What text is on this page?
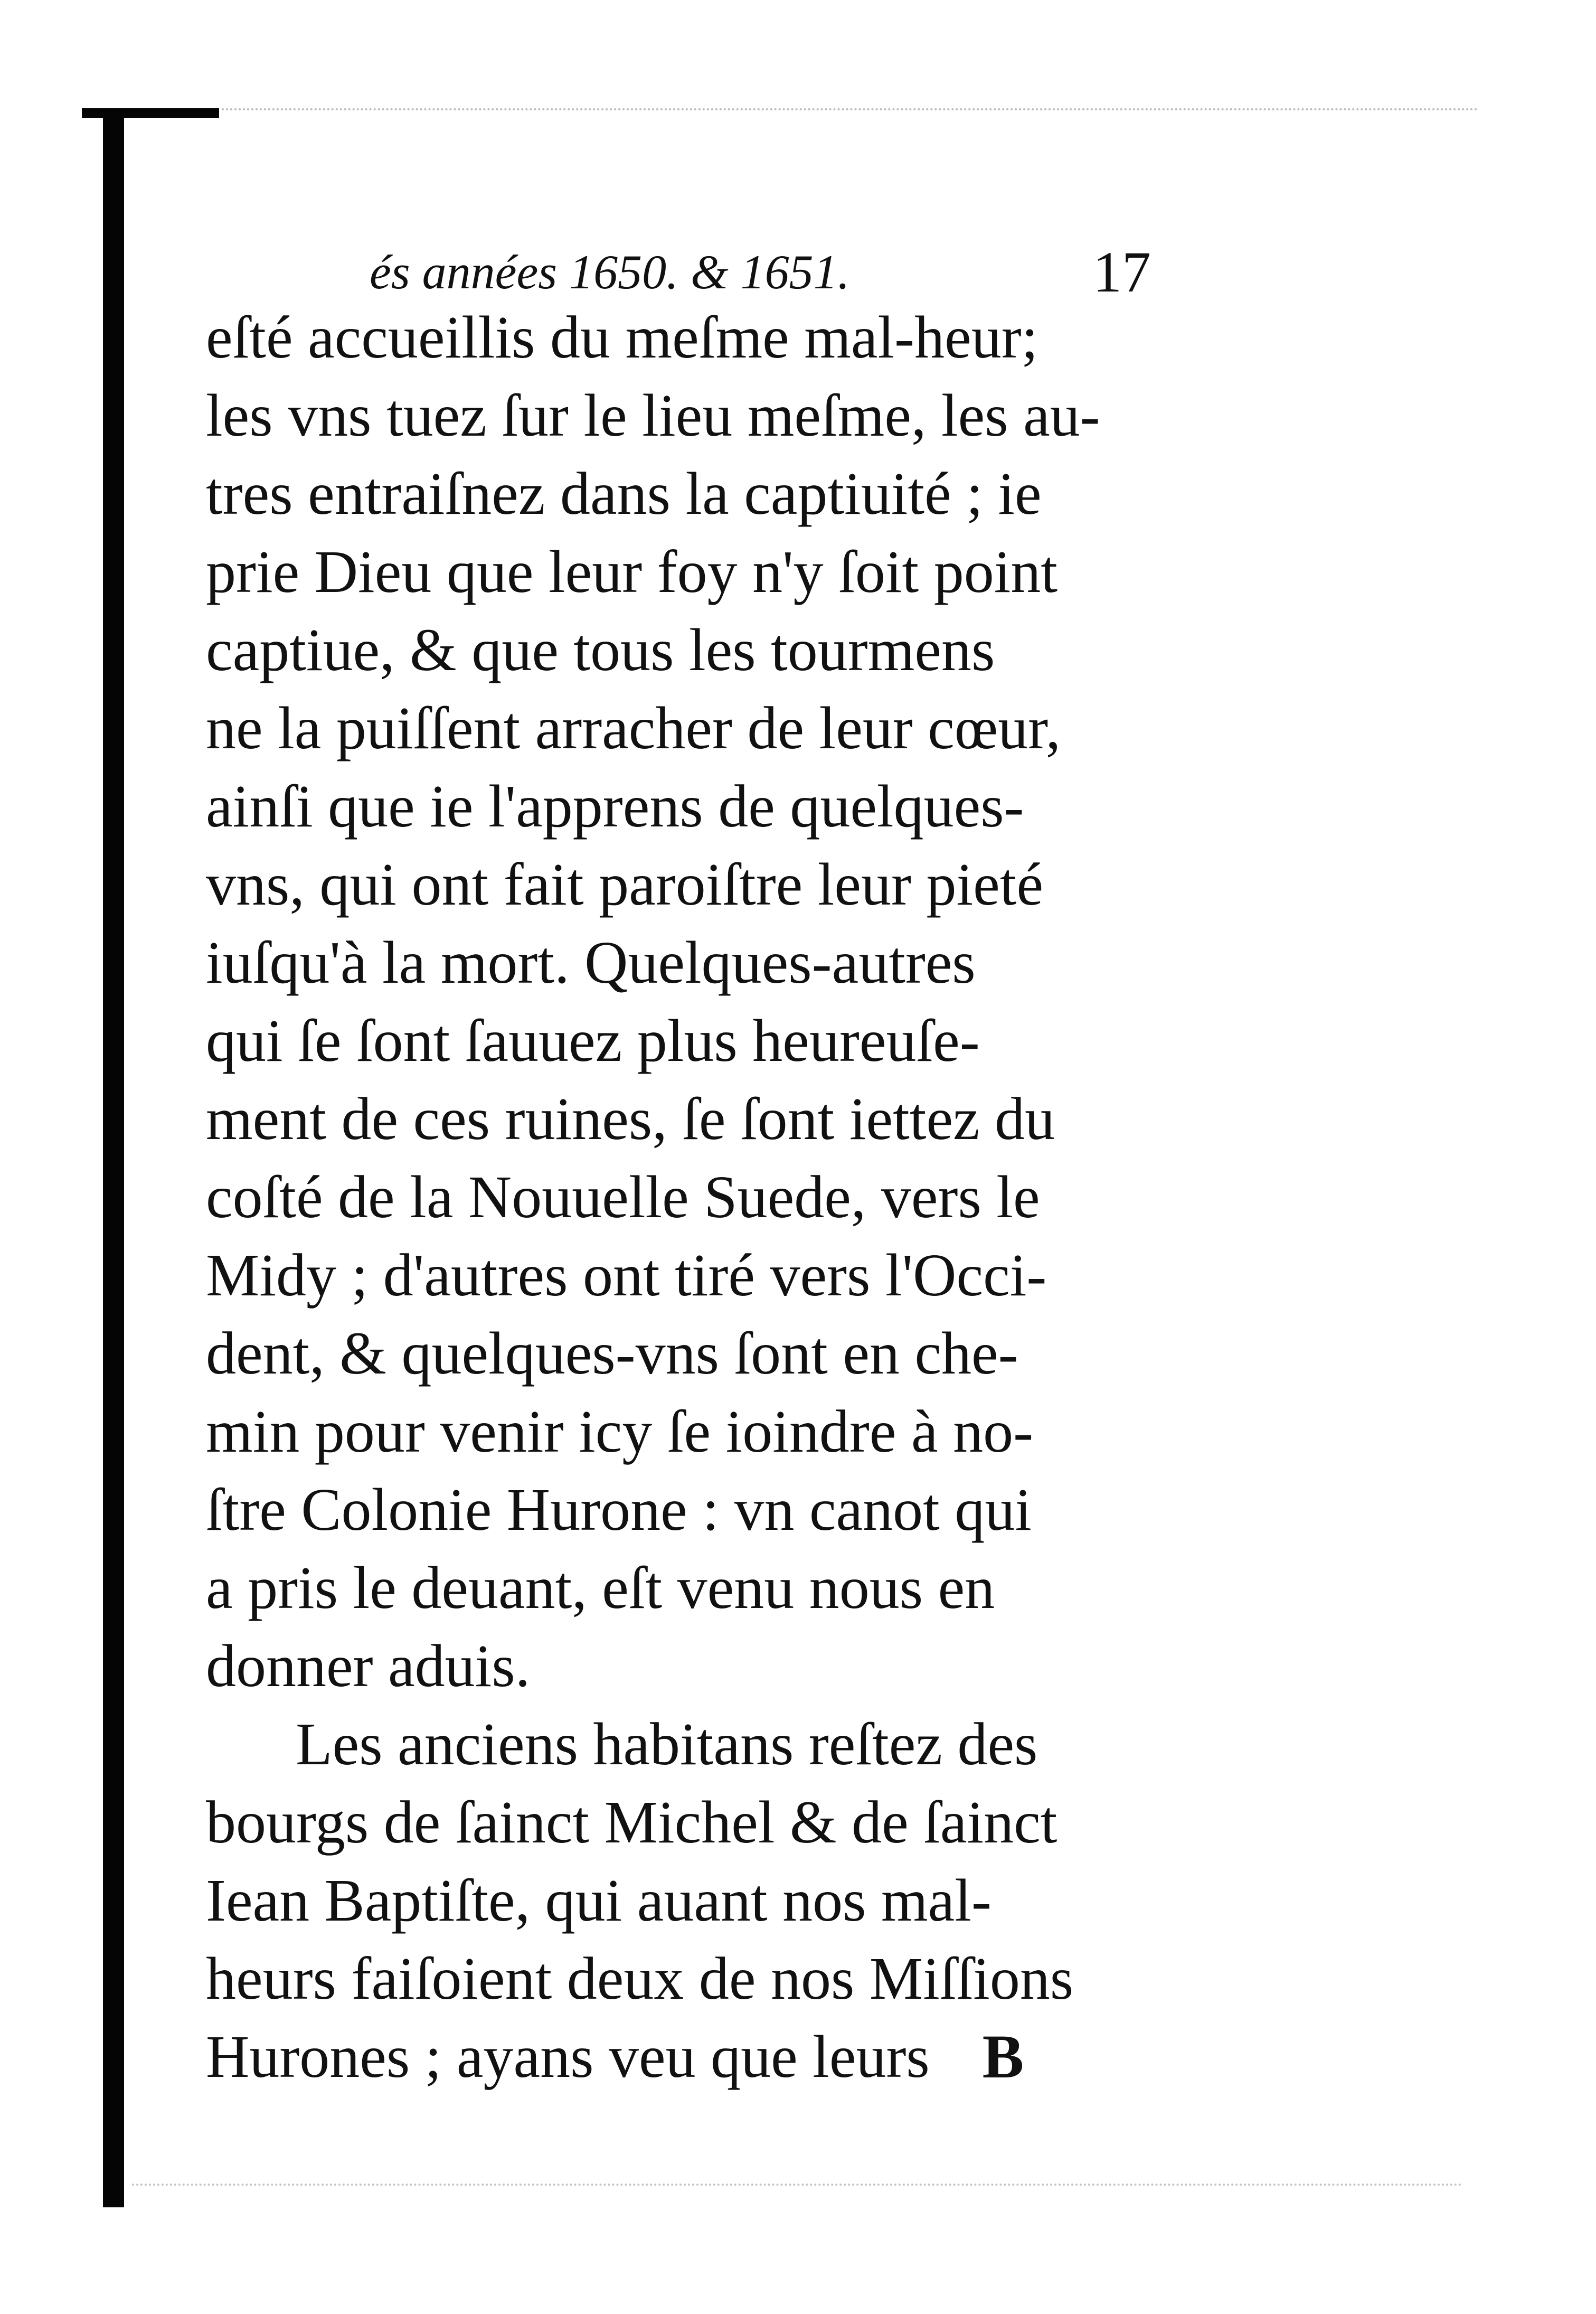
és années 1650. & 1651.	17
eſté accueillis du meſme mal-heur;
les vns tuez ſur le lieu meſme, les au-
tres entraiſnez dans la captiuité ; ie
prie Dieu que leur foy n'y ſoit point
captiue, & que tous les tourmens
ne la puiſſent arracher de leur cœur,
ainſi que ie l'apprens de quelques-
vns, qui ont fait paroiſtre leur pieté
iuſqu'à la mort. Quelques-autres
qui ſe ſont ſauuez plus heureuſe-
ment de ces ruines, ſe ſont iettez du
coſté de la Nouuelle Suede, vers le
Midy ; d'autres ont tiré vers l'Occi-
dent, & quelques-vns ſont en che-
min pour venir icy ſe ioindre à no-
ſtre Colonie Hurone : vn canot qui
a pris le deuant, eſt venu nous en
donner aduis.
Les anciens habitans reſtez des
bourgs de ſainct Michel & de ſainct
Iean Baptiſte, qui auant nos mal-
heurs faiſoient deux de nos Miſſions
Hurones ; ayans veu que leurs B
